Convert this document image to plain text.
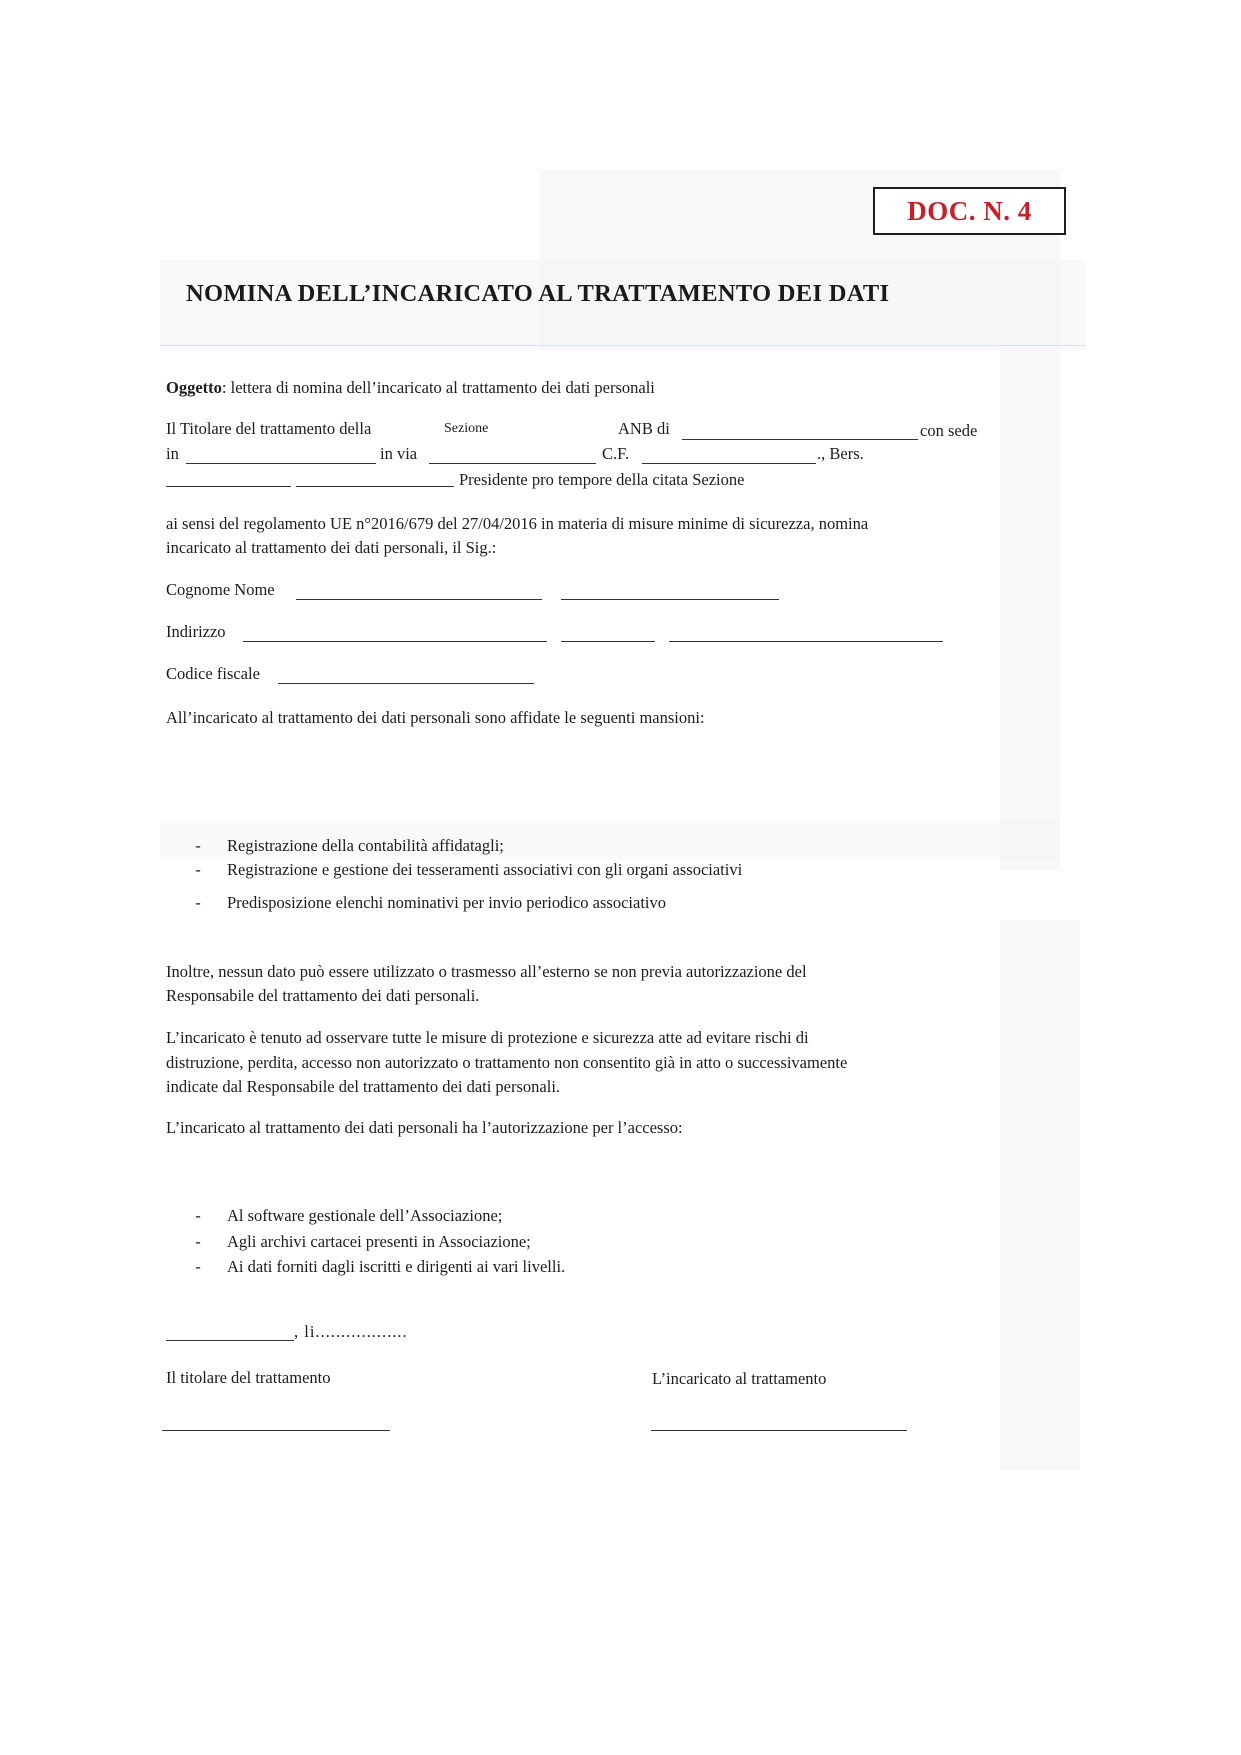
DOC. N. 4
NOMINA DELL’INCARICATO AL TRATTAMENTO DEI DATI
Oggetto: lettera di nomina dell’incaricato al trattamento dei dati personali
Il Titolare del trattamento della	Sezione	ANB di	con sede
in	in via	C.F.	., Bers.
Presidente pro tempore della citata Sezione
ai sensi del regolamento UE n°2016/679 del 27/04/2016 in materia di misure minime di sicurezza, nomina
incaricato al trattamento dei dati personali, il Sig.:
Cognome Nome
Indirizzo
Codice fiscale
All’incaricato al trattamento dei dati personali sono affidate le seguenti mansioni:
- Registrazione della contabilità affidatagli;
- Registrazione e gestione dei tesseramenti associativi con gli organi associativi
- Predisposizione elenchi nominativi per invio periodico associativo
Inoltre, nessun dato può essere utilizzato o trasmesso all’esterno se non previa autorizzazione del
Responsabile del trattamento dei dati personali.
L’incaricato è tenuto ad osservare tutte le misure di protezione e sicurezza atte ad evitare rischi di
distruzione, perdita, accesso non autorizzato o trattamento non consentito già in atto o successivamente
indicate dal Responsabile del trattamento dei dati personali.
L’incaricato al trattamento dei dati personali ha l’autorizzazione per l’accesso:
- Al software gestionale dell’Associazione;
- Agli archivi cartacei presenti in Associazione;
- Ai dati forniti dagli iscritti e dirigenti ai vari livelli.
, li..................
Il titolare del trattamento	L’incaricato al trattamento
